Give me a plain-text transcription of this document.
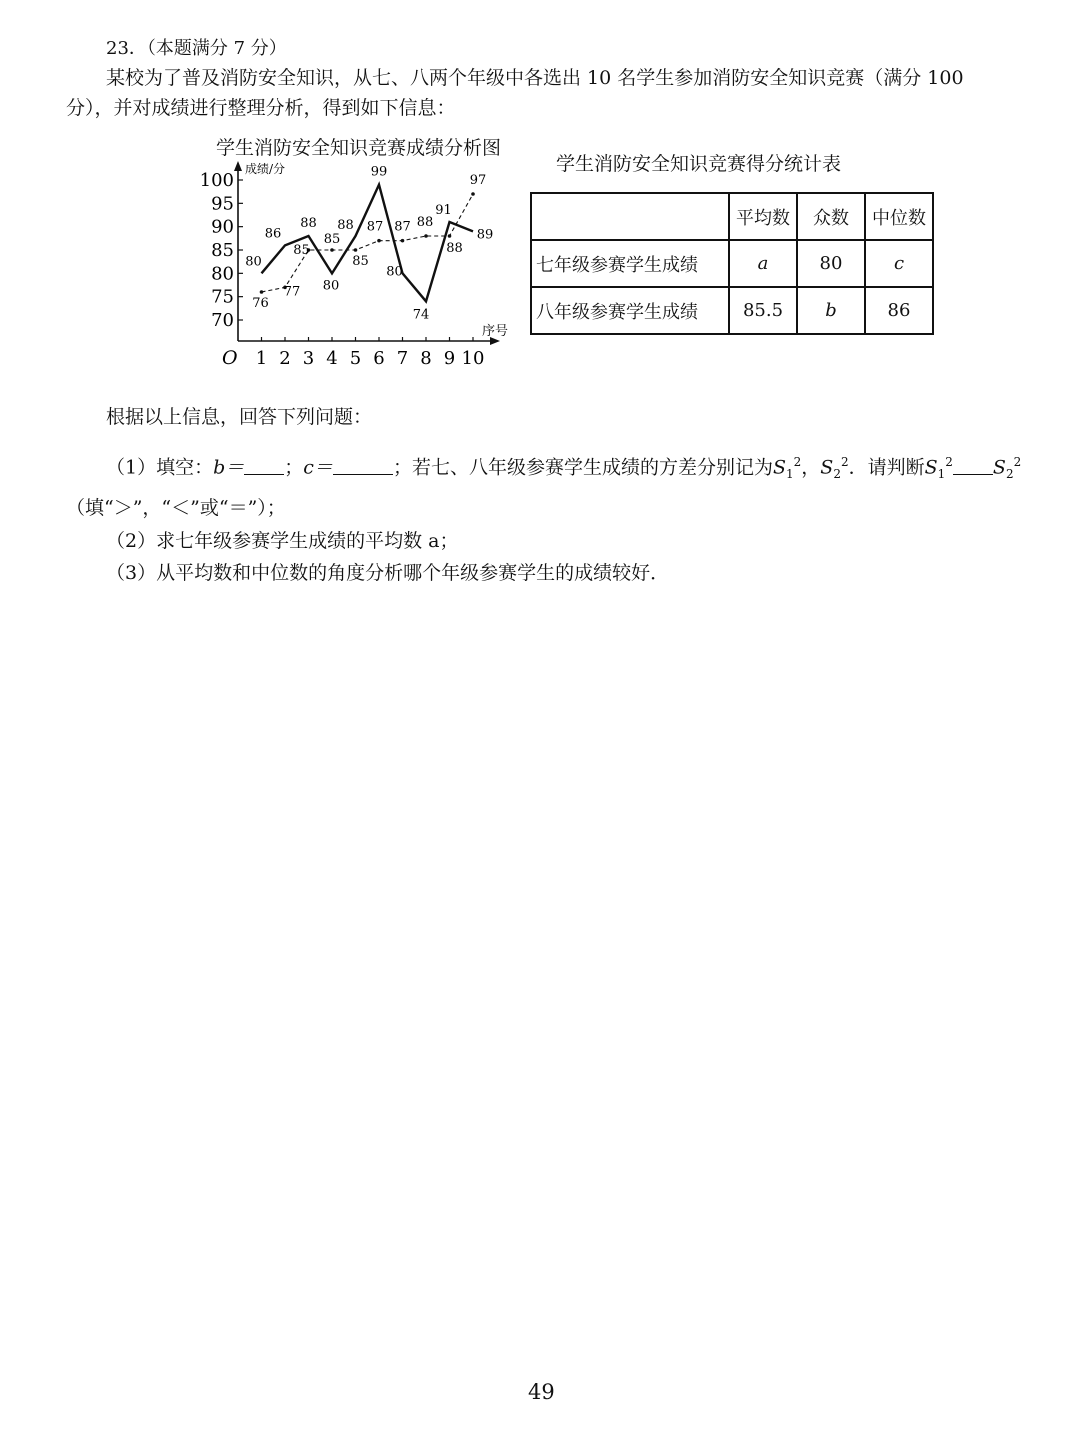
23．（本题满分 7 分）
某校为了普及消防安全知识，从七、八两个年级中各选出 10 名学生参加消防安全知识竞赛（满分 100
分），并对成绩进行整理分析，得到如下信息：
学生消防安全知识竞赛成绩分析图
学生消防安全知识竞赛得分统计表
成绩/分
序号
O
70
75
80
85
90
95
100
1 2 3 4 5 6 7 8 9 10
80
86
88
80
88
99
80
74
91
89
76
77
85
85
85
87 87 88
88
97
	平均数	众数	中位数
七年级参赛学生成绩	a	80	c
八年级参赛学生成绩	85.5	b	86
根据以上信息，回答下列问题：
（1）填空：b＝ ；c＝	；若七、八年级参赛学生成绩的方差分别记为$S_1^2$，$S_2^2$．请判断$S_1^2$ $S_2^2$
（填“＞”，“＜”或“＝”）；
（2）求七年级参赛学生成绩的平均数 a；
（3）从平均数和中位数的角度分析哪个年级参赛学生的成绩较好．
49
